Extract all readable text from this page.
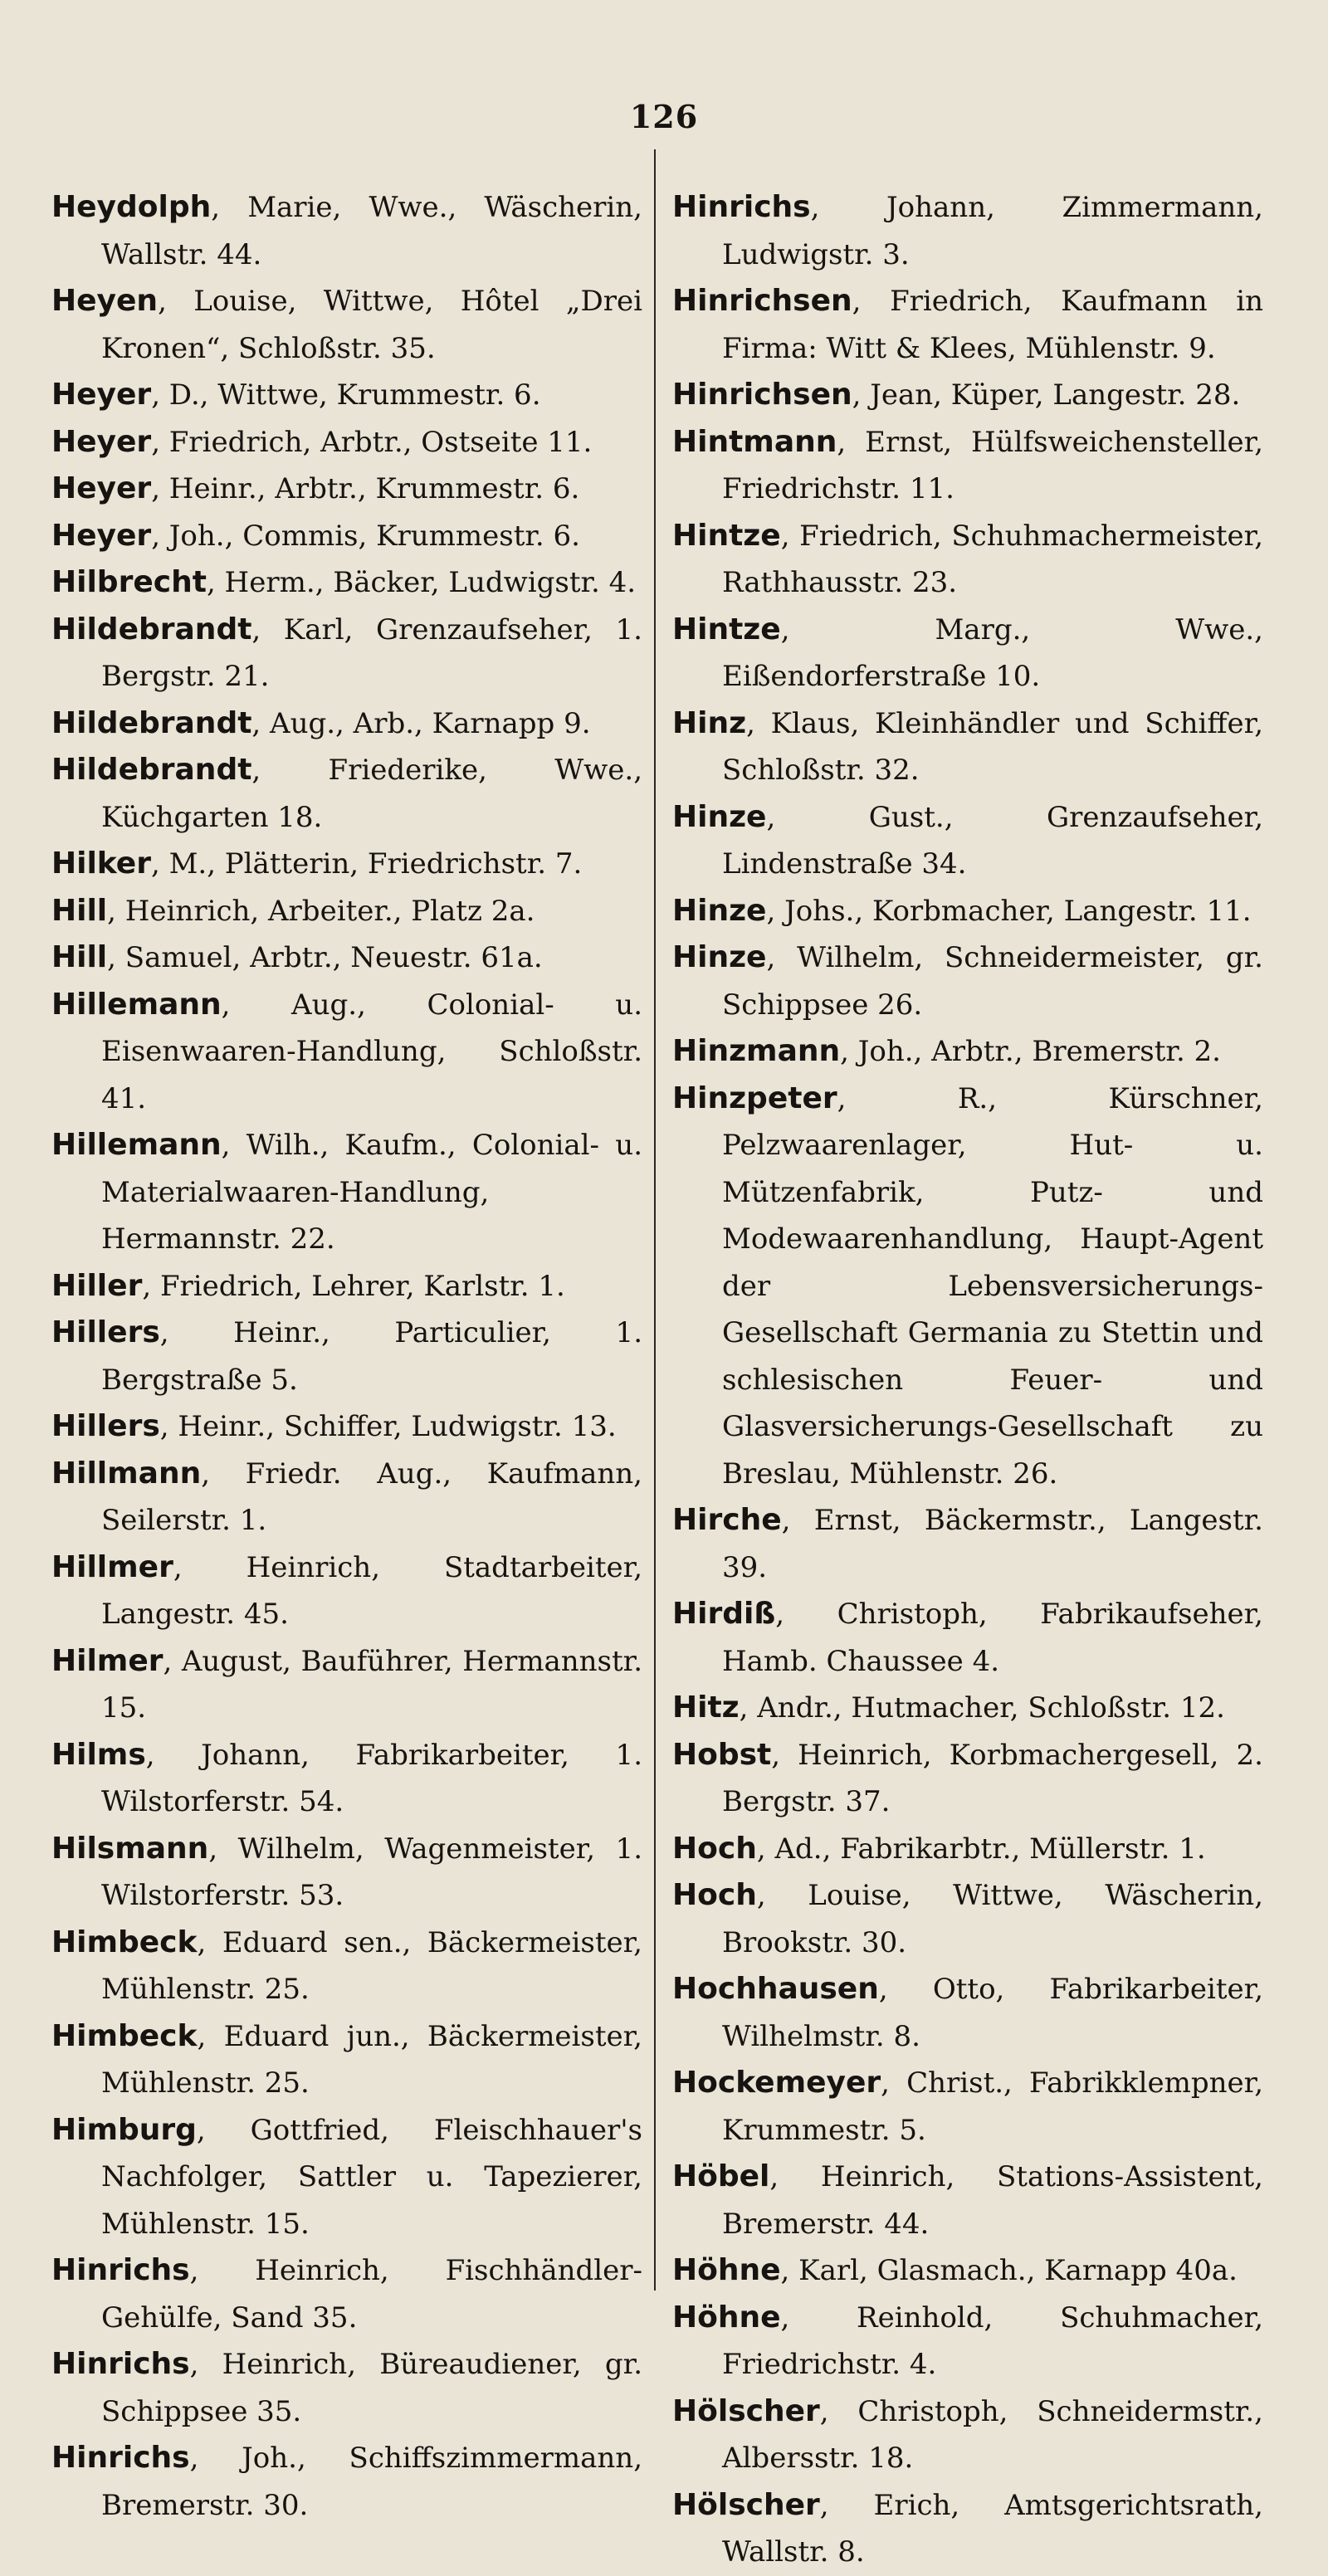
126

Heydolph, Marie, Wwe., Wäscherin, Wallstr. 44.

Heyen, Louise, Wittwe, Hôtel „Drei Kronen“, Schloßstr. 35.

Heyer, D., Wittwe, Krummestr. 6.

Heyer, Friedrich, Arbtr., Ostseite 11.

Heyer, Heinr., Arbtr., Krummestr. 6.

Heyer, Joh., Commis, Krummestr. 6.

Hilbrecht, Herm., Bäcker, Ludwigstr. 4.

Hildebrandt, Karl, Grenzaufseher, 1. Bergstr. 21.

Hildebrandt, Aug., Arb., Karnapp 9.

Hildebrandt, Friederike, Wwe., Küchgarten 18.

Hilker, M., Plätterin, Friedrichstr. 7.

Hill, Heinrich, Arbeiter., Platz 2a.

Hill, Samuel, Arbtr., Neuestr. 61a.

Hillemann, Aug., Colonial- u. Eisenwaaren-Handlung, Schloßstr. 41.

Hillemann, Wilh., Kaufm., Colonial- u. Materialwaaren-Handlung, Hermannstr. 22.

Hiller, Friedrich, Lehrer, Karlstr. 1.

Hillers, Heinr., Particulier, 1. Bergstraße 5.

Hillers, Heinr., Schiffer, Ludwigstr. 13.

Hillmann, Friedr. Aug., Kaufmann, Seilerstr. 1.

Hillmer, Heinrich, Stadtarbeiter, Langestr. 45.

Hilmer, August, Bauführer, Hermannstr. 15.

Hilms, Johann, Fabrikarbeiter, 1. Wilstorferstr. 54.

Hilsmann, Wilhelm, Wagenmeister, 1. Wilstorferstr. 53.

Himbeck, Eduard sen., Bäckermeister, Mühlenstr. 25.

Himbeck, Eduard jun., Bäckermeister, Mühlenstr. 25.

Himburg, Gottfried, Fleischhauer's Nachfolger, Sattler u. Tapezierer, Mühlenstr. 15.

Hinrichs, Heinrich, Fischhändler-Gehülfe, Sand 35.

Hinrichs, Heinrich, Büreaudiener, gr. Schippsee 35.

Hinrichs, Joh., Schiffszimmermann, Bremerstr. 30.

Hinrichs, Johann, Zimmermann, Ludwigstr. 3.

Hinrichsen, Friedrich, Kaufmann in Firma: Witt & Klees, Mühlenstr. 9.

Hinrichsen, Jean, Küper, Langestr. 28.

Hintmann, Ernst, Hülfsweichensteller, Friedrichstr. 11.

Hintze, Friedrich, Schuhmachermeister, Rathhausstr. 23.

Hintze, Marg., Wwe., Eißendorferstraße 10.

Hinz, Klaus, Kleinhändler und Schiffer, Schloßstr. 32.

Hinze, Gust., Grenzaufseher, Lindenstraße 34.

Hinze, Johs., Korbmacher, Langestr. 11.

Hinze, Wilhelm, Schneidermeister, gr. Schippsee 26.

Hinzmann, Joh., Arbtr., Bremerstr. 2.

Hinzpeter, R., Kürschner, Pelzwaarenlager, Hut- u. Mützenfabrik, Putz- und Modewaarenhandlung, Haupt-Agent der Lebensversicherungs-Gesellschaft Germania zu Stettin und schlesischen Feuer- und Glasversicherungs-Gesellschaft zu Breslau, Mühlenstr. 26.

Hirche, Ernst, Bäckermstr., Langestr. 39.

Hirdiß, Christoph, Fabrikaufseher, Hamb. Chaussee 4.

Hitz, Andr., Hutmacher, Schloßstr. 12.

Hobst, Heinrich, Korbmachergesell, 2. Bergstr. 37.

Hoch, Ad., Fabrikarbtr., Müllerstr. 1.

Hoch, Louise, Wittwe, Wäscherin, Brookstr. 30.

Hochhausen, Otto, Fabrikarbeiter, Wilhelmstr. 8.

Hockemeyer, Christ., Fabrikklempner, Krummestr. 5.

Höbel, Heinrich, Stations-Assistent, Bremerstr. 44.

Höhne, Karl, Glasmach., Karnapp 40a.

Höhne, Reinhold, Schuhmacher, Friedrichstr. 4.

Hölscher, Christoph, Schneidermstr., Albersstr. 18.

Hölscher, Erich, Amtsgerichtsrath, Wallstr. 8.
